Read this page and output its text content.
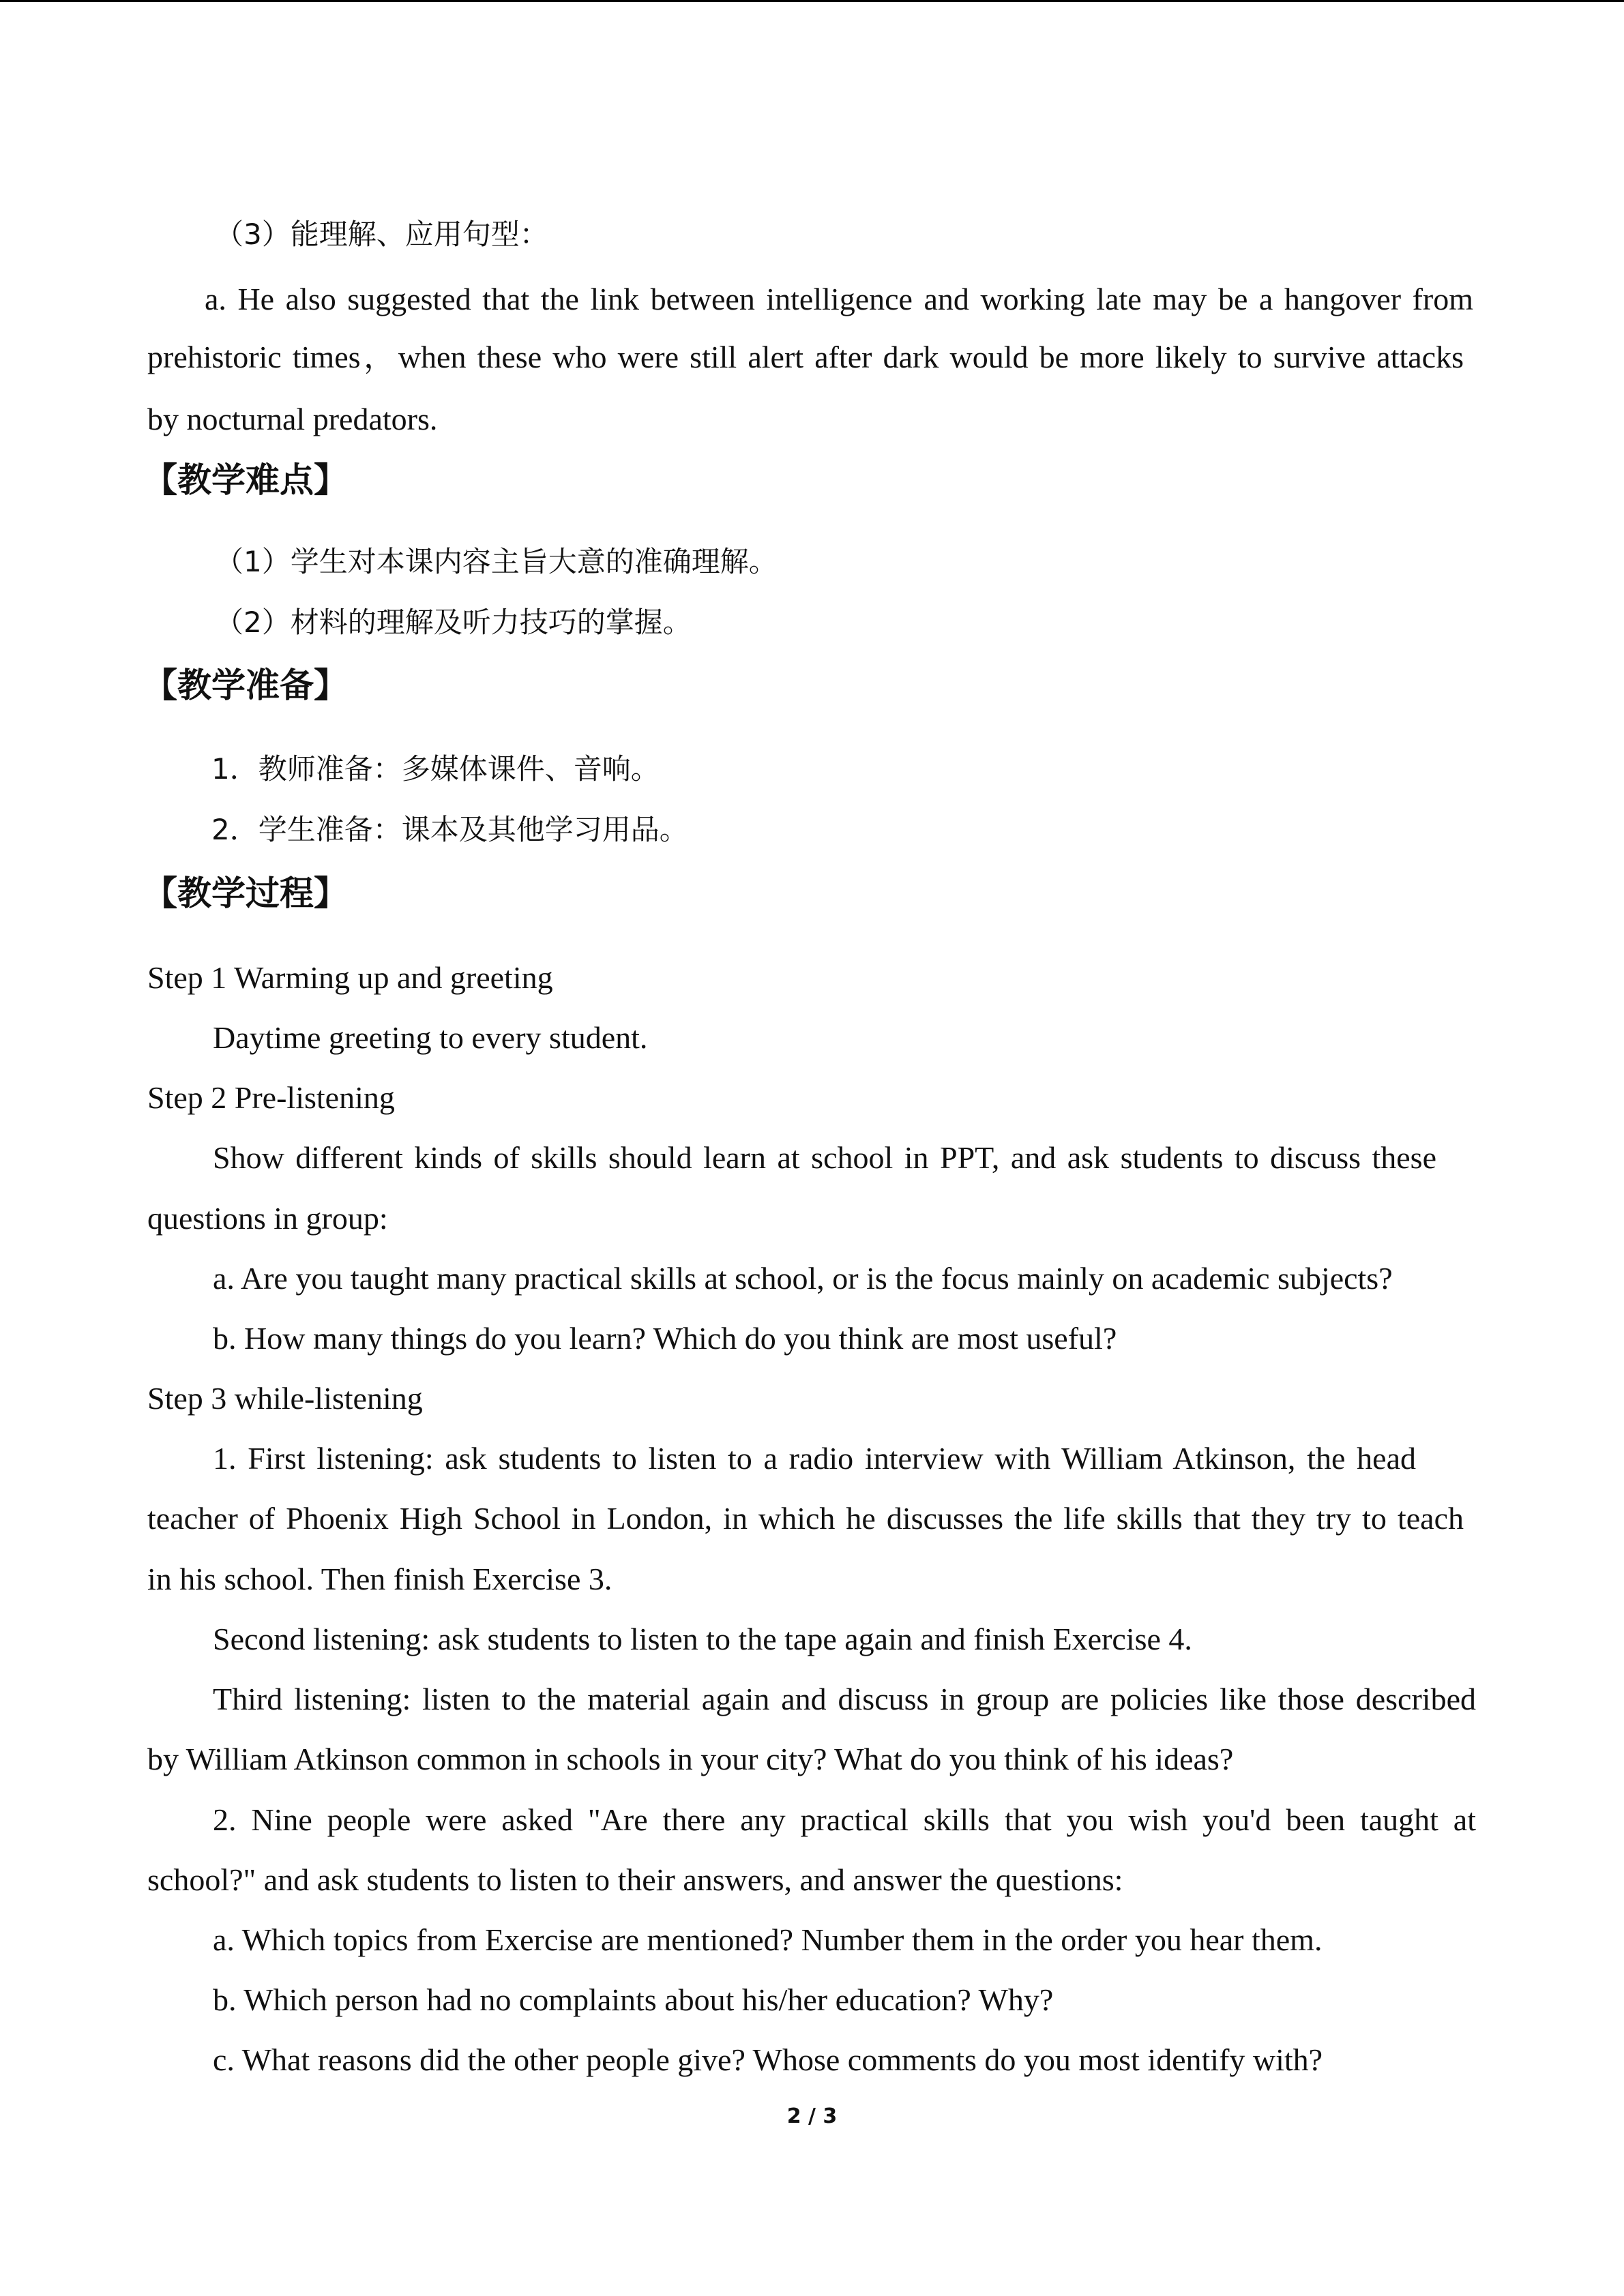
（3）能理解、应用句型：
a. He also suggested that the link between intelligence and working late may be a hangover from
prehistoric times，when these who were still alert after dark would be more likely to survive attacks
by nocturnal predators.
【教学难点】
（1）学生对本课内容主旨大意的准确理解。
（2）材料的理解及听力技巧的掌握。
【教学准备】
1．教师准备：多媒体课件、音响。
2．学生准备：课本及其他学习用品。
【教学过程】
Step 1 Warming up and greeting
Daytime greeting to every student.
Step 2 Pre-listening
Show different kinds of skills should learn at school in PPT, and ask students to discuss these
questions in group:
a. Are you taught many practical skills at school, or is the focus mainly on academic subjects?
b. How many things do you learn? Which do you think are most useful?
Step 3 while-listening
1. First listening: ask students to listen to a radio interview with William Atkinson, the head
teacher of Phoenix High School in London, in which he discusses the life skills that they try to teach
in his school. Then finish Exercise 3.
Second listening: ask students to listen to the tape again and finish Exercise 4.
Third listening: listen to the material again and discuss in group are policies like those described
by William Atkinson common in schools in your city? What do you think of his ideas?
2. Nine people were asked "Are there any practical skills that you wish you'd been taught at
school?" and ask students to listen to their answers, and answer the questions:
a. Which topics from Exercise are mentioned? Number them in the order you hear them.
b. Which person had no complaints about his/her education? Why?
c. What reasons did the other people give? Whose comments do you most identify with?
2 / 3
